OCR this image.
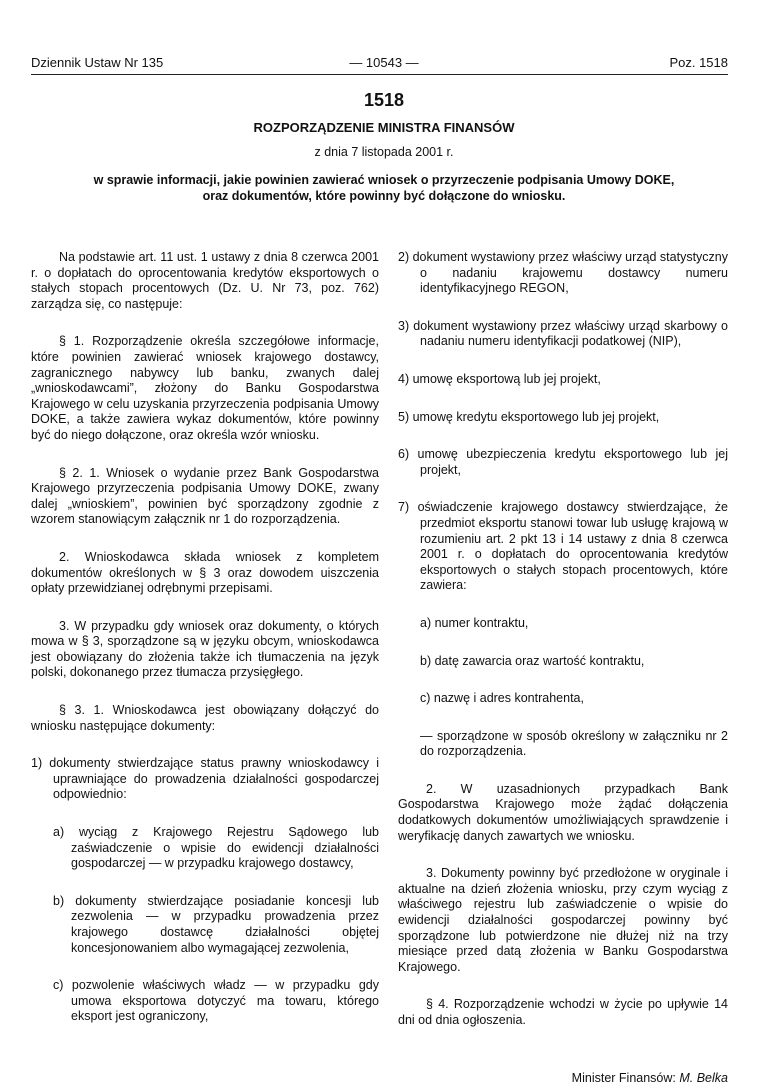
Dziennik Ustaw Nr 135	— 10543 —	Poz. 1518
1518
ROZPORZĄDZENIE MINISTRA FINANSÓW
z dnia 7 listopada 2001 r.
w sprawie informacji, jakie powinien zawierać wniosek o przyrzeczenie podpisania Umowy DOKE, oraz dokumentów, które powinny być dołączone do wniosku.

Na podstawie art. 11 ust. 1 ustawy z dnia 8 czerwca 2001 r. o dopłatach do oprocentowania kredytów eksportowych o stałych stopach procentowych (Dz. U. Nr 73, poz. 762) zarządza się, co następuje:

§ 1. Rozporządzenie określa szczegółowe informacje, które powinien zawierać wniosek krajowego dostawcy, zagranicznego nabywcy lub banku, zwanych dalej „wnioskodawcami”, złożony do Banku Gospodarstwa Krajowego w celu uzyskania przyrzeczenia podpisania Umowy DOKE, a także zawiera wykaz dokumentów, które powinny być do niego dołączone, oraz określa wzór wniosku.

§ 2. 1. Wniosek o wydanie przez Bank Gospodarstwa Krajowego przyrzeczenia podpisania Umowy DOKE, zwany dalej „wnioskiem”, powinien być sporządzony zgodnie z wzorem stanowiącym załącznik nr 1 do rozporządzenia.

2. Wnioskodawca składa wniosek z kompletem dokumentów określonych w § 3 oraz dowodem uiszczenia opłaty przewidzianej odrębnymi przepisami.

3. W przypadku gdy wniosek oraz dokumenty, o których mowa w § 3, sporządzone są w języku obcym, wnioskodawca jest obowiązany do złożenia także ich tłumaczenia na język polski, dokonanego przez tłumacza przysięgłego.

§ 3. 1. Wnioskodawca jest obowiązany dołączyć do wniosku następujące dokumenty:

1) dokumenty stwierdzające status prawny wnioskodawcy i uprawniające do prowadzenia działalności gospodarczej odpowiednio:

a) wyciąg z Krajowego Rejestru Sądowego lub zaświadczenie o wpisie do ewidencji działalności gospodarczej — w przypadku krajowego dostawcy,

b) dokumenty stwierdzające posiadanie koncesji lub zezwolenia — w przypadku prowadzenia przez krajowego dostawcę działalności objętej koncesjonowaniem albo wymagającej zezwolenia,

c) pozwolenie właściwych władz — w przypadku gdy umowa eksportowa dotyczyć ma towaru, którego eksport jest ograniczony,

2) dokument wystawiony przez właściwy urząd statystyczny o nadaniu krajowemu dostawcy numeru identyfikacyjnego REGON,

3) dokument wystawiony przez właściwy urząd skarbowy o nadaniu numeru identyfikacji podatkowej (NIP),

4) umowę eksportową lub jej projekt,

5) umowę kredytu eksportowego lub jej projekt,

6) umowę ubezpieczenia kredytu eksportowego lub jej projekt,

7) oświadczenie krajowego dostawcy stwierdzające, że przedmiot eksportu stanowi towar lub usługę krajową w rozumieniu art. 2 pkt 13 i 14 ustawy z dnia 8 czerwca 2001 r. o dopłatach do oprocentowania kredytów eksportowych o stałych stopach procentowych, które zawiera:

a) numer kontraktu,

b) datę zawarcia oraz wartość kontraktu,

c) nazwę i adres kontrahenta,

— sporządzone w sposób określony w załączniku nr 2 do rozporządzenia.

2. W uzasadnionych przypadkach Bank Gospodarstwa Krajowego może żądać dołączenia dodatkowych dokumentów umożliwiających sprawdzenie i weryfikację danych zawartych we wniosku.

3. Dokumenty powinny być przedłożone w oryginale i aktualne na dzień złożenia wniosku, przy czym wyciąg z właściwego rejestru lub zaświadczenie o wpisie do ewidencji działalności gospodarczej powinny być sporządzone lub potwierdzone nie dłużej niż na trzy miesiące przed datą złożenia w Banku Gospodarstwa Krajowego.

§ 4. Rozporządzenie wchodzi w życie po upływie 14 dni od dnia ogłoszenia.

Minister Finansów: M. Belka
